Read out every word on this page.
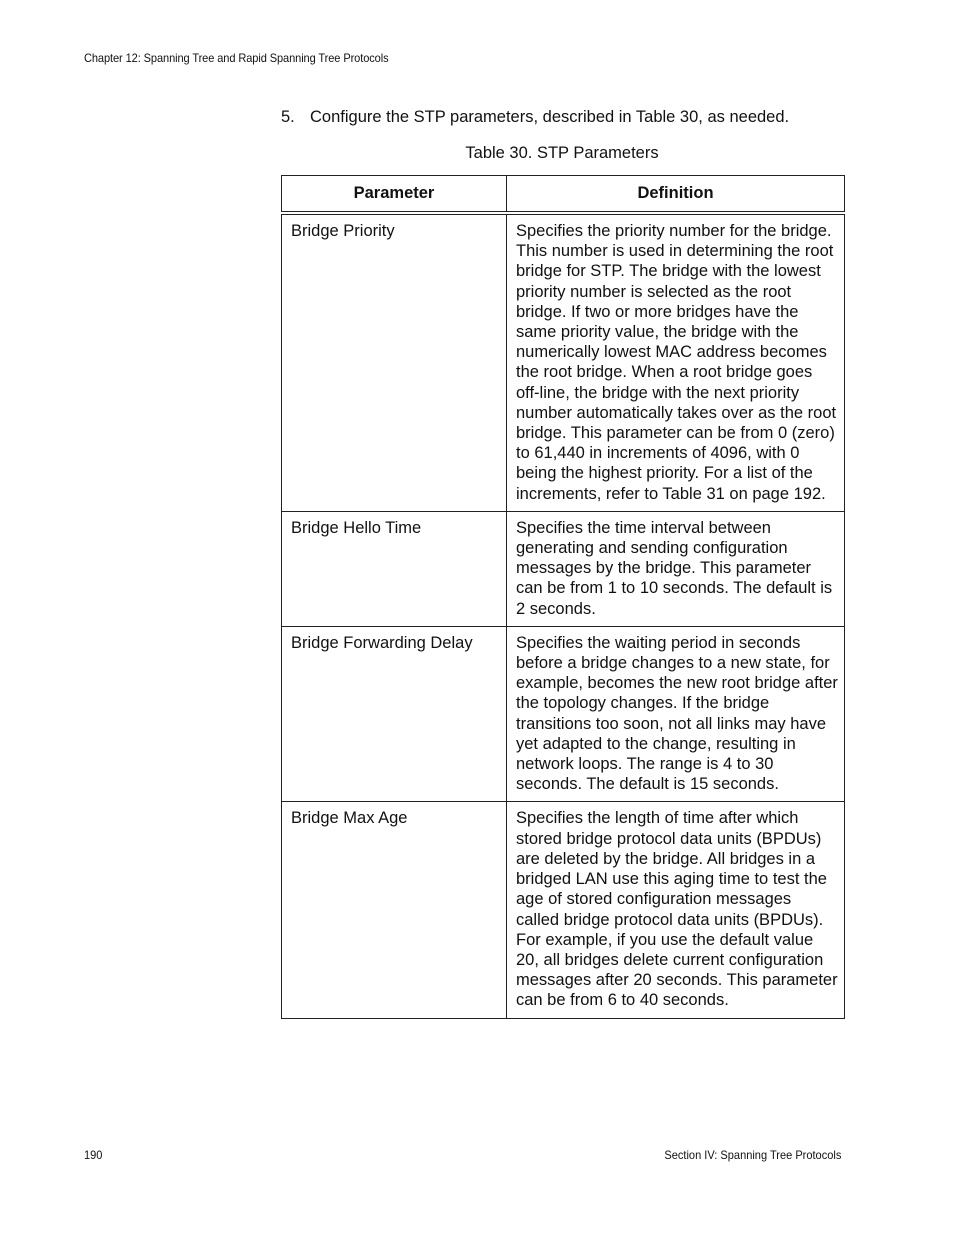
Chapter 12: Spanning Tree and Rapid Spanning Tree Protocols
5. Configure the STP parameters, described in Table 30, as needed.
Table 30. STP Parameters
Parameter	Definition
Bridge Priority	Specifies the priority number for the bridge. This number is used in determining the root bridge for STP. The bridge with the lowest priority number is selected as the root bridge. If two or more bridges have the same priority value, the bridge with the numerically lowest MAC address becomes the root bridge. When a root bridge goes off-line, the bridge with the next priority number automatically takes over as the root bridge. This parameter can be from 0 (zero) to 61,440 in increments of 4096, with 0 being the highest priority. For a list of the increments, refer to Table 31 on page 192.
Bridge Hello Time	Specifies the time interval between generating and sending configuration messages by the bridge. This parameter can be from 1 to 10 seconds. The default is 2 seconds.
Bridge Forwarding Delay	Specifies the waiting period in seconds before a bridge changes to a new state, for example, becomes the new root bridge after the topology changes. If the bridge transitions too soon, not all links may have yet adapted to the change, resulting in network loops. The range is 4 to 30 seconds. The default is 15 seconds.
Bridge Max Age	Specifies the length of time after which stored bridge protocol data units (BPDUs) are deleted by the bridge. All bridges in a bridged LAN use this aging time to test the age of stored configuration messages called bridge protocol data units (BPDUs). For example, if you use the default value 20, all bridges delete current configuration messages after 20 seconds. This parameter can be from 6 to 40 seconds.
190	Section IV: Spanning Tree Protocols
